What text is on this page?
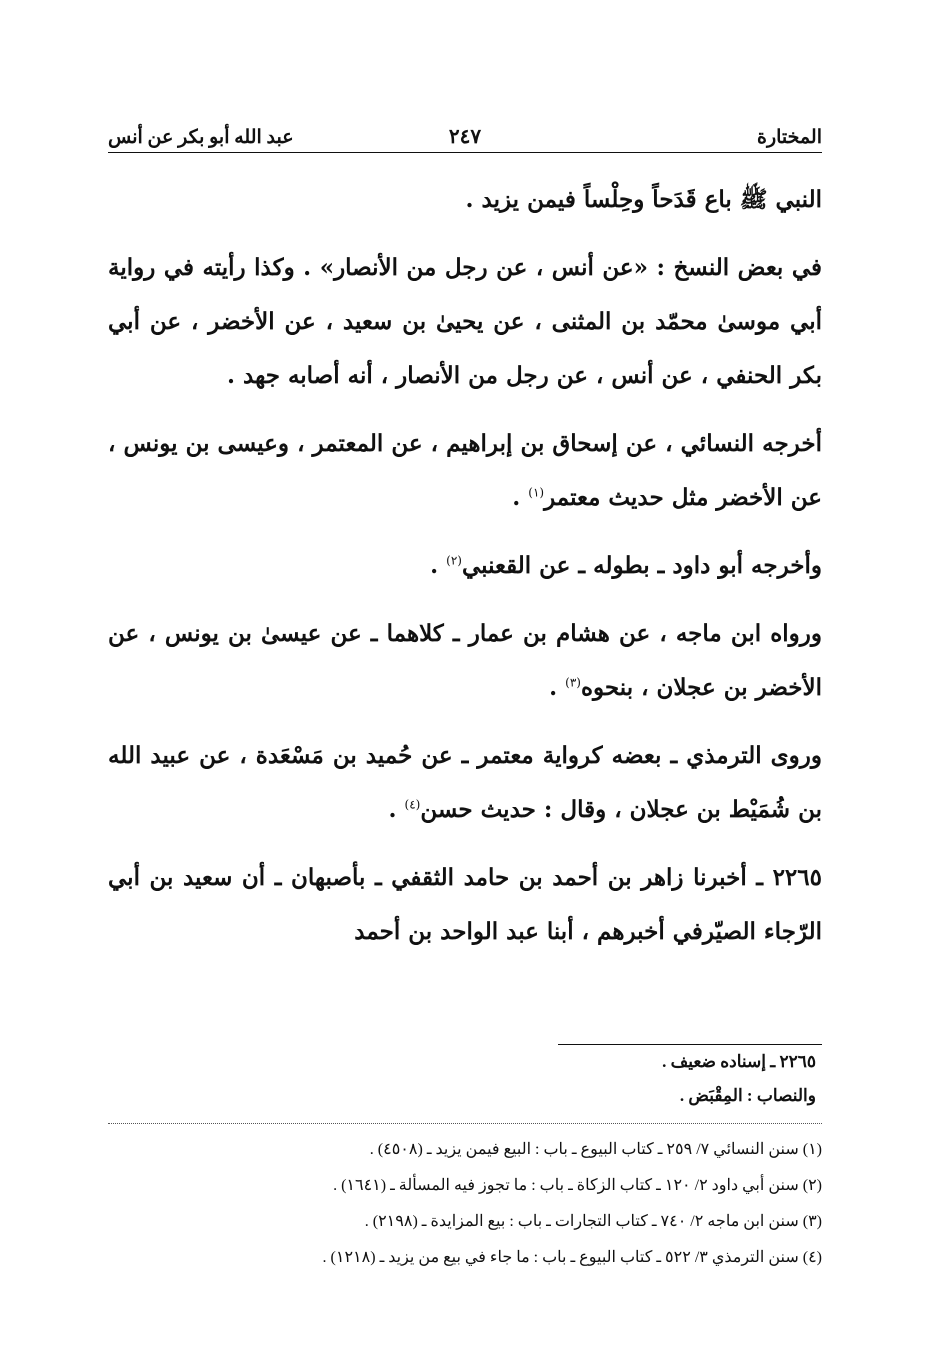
المختارة
٢٤٧
عبد الله أبو بكر عن أنس

النبي ﷺ باع قَدَحاً وحِلْساً فيمن يزيد .

في بعض النسخ : «عن أنس ، عن رجل من الأنصار» . وكذا رأيته في رواية أبي موسىٰ محمّد بن المثنى ، عن يحيىٰ بن سعيد ، عن الأخضر ، عن أبي بكر الحنفي ، عن أنس ، عن رجل من الأنصار ، أنه أصابه جهد .

أخرجه النسائي ، عن إسحاق بن إبراهيم ، عن المعتمر ، وعيسى بن يونس ، عن الأخضر مثل حديث معتمر$^{(١)}$ .

وأخرجه أبو داود ـ بطوله ـ عن القعنبي$^{(٢)}$ .

ورواه ابن ماجه ، عن هشام بن عمار ـ كلاهما ـ عن عيسىٰ بن يونس ، عن الأخضر بن عجلان ، بنحوه$^{(٣)}$ .

وروى الترمذي ـ بعضه كرواية معتمر ـ عن حُميد بن مَسْعَدة ، عن عبيد الله بن شُمَيْط بن عجلان ، وقال : حديث حسن$^{(٤)}$ .

٢٢٦٥ ـ أخبرنا زاهر بن أحمد بن حامد الثقفي ـ بأصبهان ـ أن سعيد بن أبي الرّجاء الصيّرفي أخبرهم ، أبنا عبد الواحد بن أحمد

٢٢٦٥ ـ إسناده ضعيف .

والنصاب : المِقْبَض .

(١) سنن النسائي ٧/ ٢٥٩ ـ كتاب البيوع ـ باب : البيع فيمن يزيد ـ (٤٥٠٨) .

(٢) سنن أبي داود ٢/ ١٢٠ ـ كتاب الزكاة ـ باب : ما تجوز فيه المسألة ـ (١٦٤١) .

(٣) سنن ابن ماجه ٢/ ٧٤٠ ـ كتاب التجارات ـ باب : بيع المزايدة ـ (٢١٩٨) .

(٤) سنن الترمذي ٣/ ٥٢٢ ـ كتاب البيوع ـ باب : ما جاء في بيع من يزيد ـ (١٢١٨) .
